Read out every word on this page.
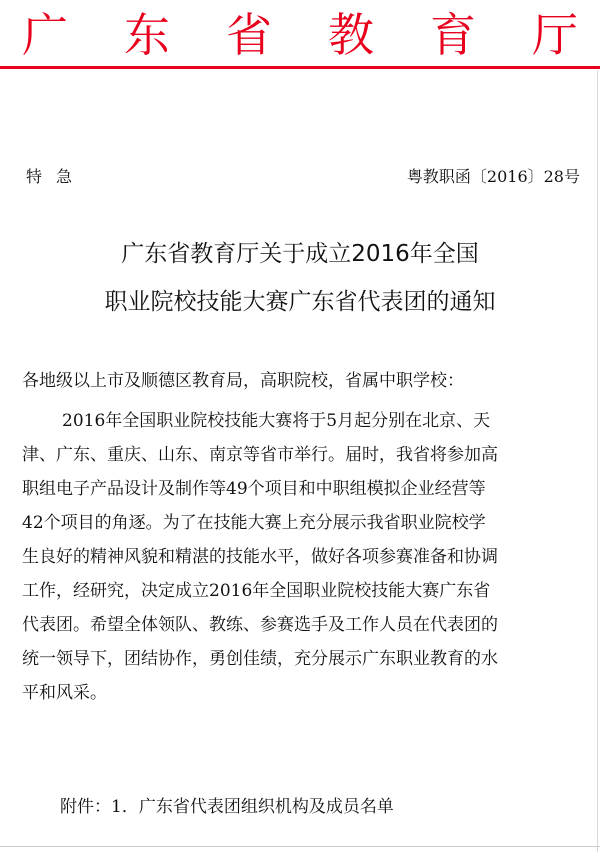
广 东 省 教 育 厅
特急	粤教职函〔2016〕28号
广东省教育厅关于成立2016年全国
职业院校技能大赛广东省代表团的通知
各地级以上市及顺德区教育局，高职院校，省属中职学校：
2016年全国职业院校技能大赛将于5月起分别在北京、天
津、广东、重庆、山东、南京等省市举行。届时，我省将参加高
职组电子产品设计及制作等49个项目和中职组模拟企业经营等
42个项目的角逐。为了在技能大赛上充分展示我省职业院校学
生良好的精神风貌和精湛的技能水平，做好各项参赛准备和协调
工作，经研究，决定成立2016年全国职业院校技能大赛广东省
代表团。希望全体领队、教练、参赛选手及工作人员在代表团的
统一领导下，团结协作，勇创佳绩，充分展示广东职业教育的水
平和风采。
附件：1．广东省代表团组织机构及成员名单
